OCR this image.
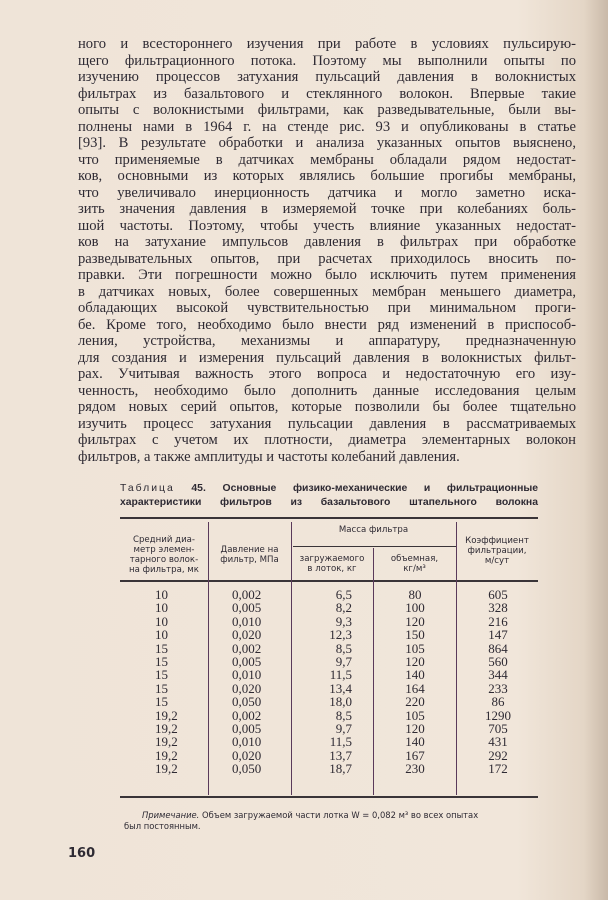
ного и всестороннего изучения при работе в условиях пульсирую-
щего фильтрационного потока. Поэтому мы выполнили опыты по
изучению процессов затухания пульсаций давления в волокнистых
фильтрах из базальтового и стеклянного волокон. Впервые такие
опыты с волокнистыми фильтрами, как разведывательные, были вы-
полнены нами в 1964 г. на стенде рис. 93 и опубликованы в статье
[93]. В результате обработки и анализа указанных опытов выяснено,
что применяемые в датчиках мембраны обладали рядом недостат-
ков, основными из которых являлись большие прогибы мембраны,
что увеличивало инерционность датчика и могло заметно иска-
зить значения давления в измеряемой точке при колебаниях боль-
шой частоты. Поэтому, чтобы учесть влияние указанных недостат-
ков на затухание импульсов давления в фильтрах при обработке
разведывательных опытов, при расчетах приходилось вносить по-
правки. Эти погрешности можно было исключить путем применения
в датчиках новых, более совершенных мембран меньшего диаметра,
обладающих высокой чувствительностью при минимальном проги-
бе. Кроме того, необходимо было внести ряд изменений в приспособ-
ления, устройства, механизмы и аппаратуру, предназначенную
для создания и измерения пульсаций давления в волокнистых фильт-
рах. Учитывая важность этого вопроса и недостаточную его изу-
ченность, необходимо было дополнить данные исследования целым
рядом новых серий опытов, которые позволили бы более тщательно
изучить процесс затухания пульсации давления в рассматриваемых
фильтрах с учетом их плотности, диаметра элементарных волокон
фильтров, а также амплитуды и частоты колебаний давления.
Таблица 45. Основные физико-механические и фильтрационные
характеристики фильтров из базальтового штапельного волокна
Средний диа-
метр элемен-
тарного волок-
на фильтра, мк
Давление на
фильтр, МПа
Масса фильтра
загружаемого
в лоток, кг
объемная,
кг/м³
Коэффициент
фильтрации,
м/сут
10
10
10
10
15
15
15
15
15
19,2
19,2
19,2
19,2
19,2
0,002
0,005
0,010
0,020
0,002
0,005
0,010
0,020
0,050
0,002
0,005
0,010
0,020
0,050
6,5
8,2
9,3
12,3
8,5
9,7
11,5
13,4
18,0
8,5
9,7
11,5
13,7
18,7
80
100
120
150
105
120
140
164
220
105
120
140
167
230
605
328
216
147
864
560
344
233
86
1290
705
431
292
172
Примечание. Объем загружаемой части лотка W = 0,082 м³ во всех опытах
был постоянным.
160
